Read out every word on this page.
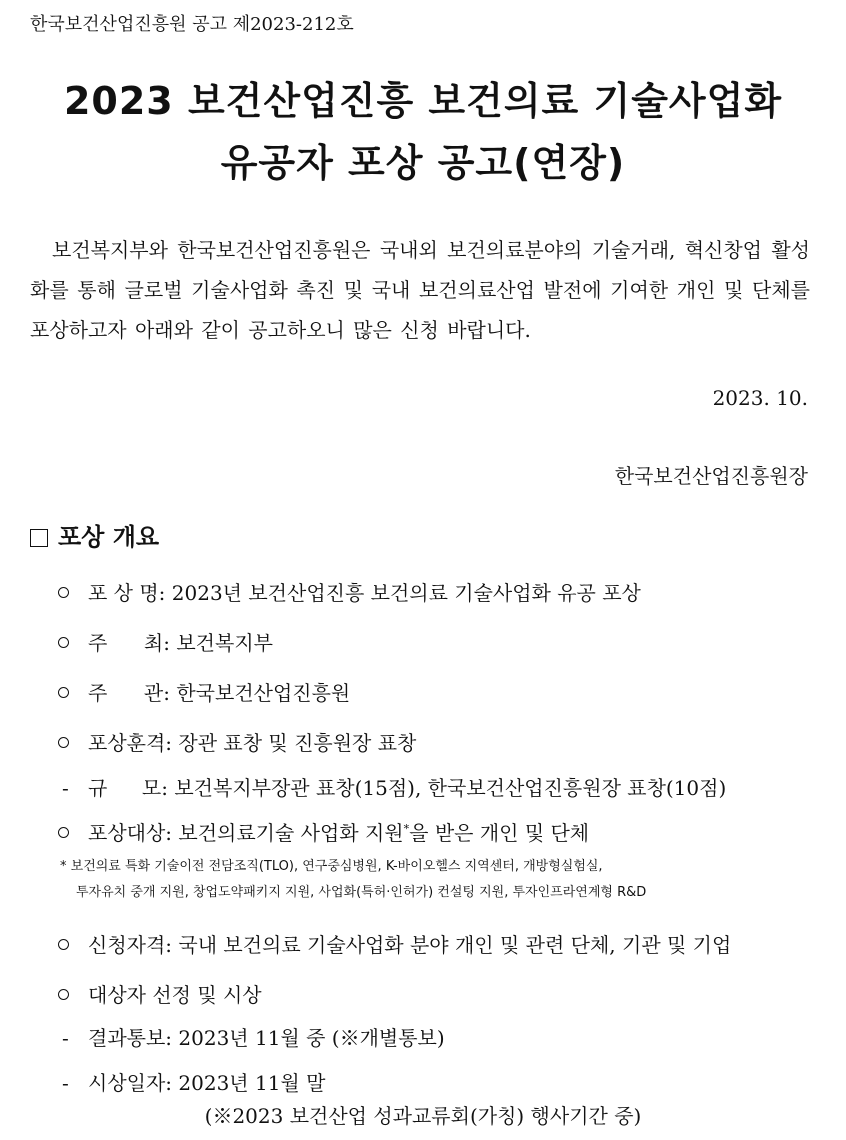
한국보건산업진흥원 공고 제2023-212호
2023 보건산업진흥 보건의료 기술사업화
유공자 포상 공고(연장)
보건복지부와 한국보건산업진흥원은 국내외 보건의료분야의 기술거래, 혁신창업 활성화를 통해 글로벌 기술사업화 촉진 및 국내 보건의료산업 발전에 기여한 개인 및 단체를 포상하고자 아래와 같이 공고하오니 많은 신청 바랍니다.
2023. 10.
한국보건산업진흥원장
포상 개요
포 상 명: 2023년 보건산업진흥 보건의료 기술사업화 유공 포상
주 최: 보건복지부
주 관: 한국보건산업진흥원
포상훈격: 장관 표창 및 진흥원장 표창
- 규 모: 보건복지부장관 표창(15점), 한국보건산업진흥원장 표창(10점)
포상대상: 보건의료기술 사업화 지원*을 받은 개인 및 단체
* 보건의료 특화 기술이전 전담조직(TLO), 연구중심병원, K-바이오헬스 지역센터, 개방형실험실,
투자유치 중개 지원, 창업도약패키지 지원, 사업화(특허·인허가) 컨설팅 지원, 투자인프라연계형 R&D
신청자격: 국내 보건의료 기술사업화 분야 개인 및 관련 단체, 기관 및 기업
대상자 선정 및 시상
- 결과통보: 2023년 11월 중 (※개별통보)
- 시상일자: 2023년 11월 말
(※2023 보건산업 성과교류회(가칭) 행사기간 중)
